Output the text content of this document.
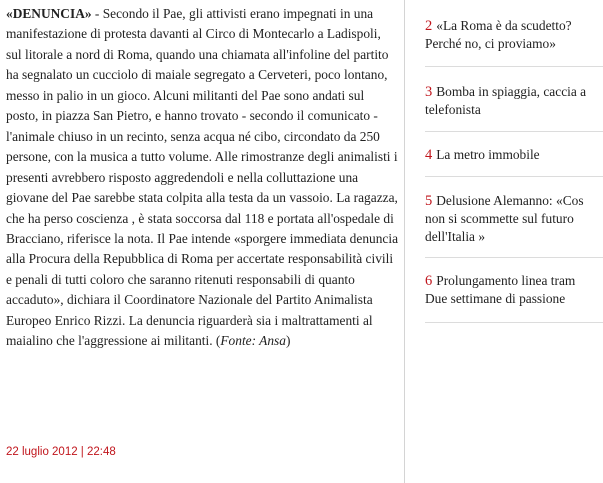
«DENUNCIA» - Secondo il Pae, gli attivisti erano impegnati in una manifestazione di protesta davanti al Circo di Montecarlo a Ladispoli, sul litorale a nord di Roma, quando una chiamata all'infoline del partito ha segnalato un cucciolo di maiale segregato a Cerveteri, poco lontano, messo in palio in un gioco. Alcuni militanti del Pae sono andati sul posto, in piazza San Pietro, e hanno trovato - secondo il comunicato - l'animale chiuso in un recinto, senza acqua né cibo, circondato da 250 persone, con la musica a tutto volume. Alle rimostranze degli animalisti i presenti avrebbero risposto aggredendoli e nella colluttazione una giovane del Pae sarebbe stata colpita alla testa da un vassoio. La ragazza, che ha perso coscienza , è stata soccorsa dal 118 e portata all'ospedale di Bracciano, riferisce la nota. Il Pae intende «sporgere immediata denuncia alla Procura della Repubblica di Roma per accertate responsabilità civili e penali di tutti coloro che saranno ritenuti responsabili di quanto accaduto», dichiara il Coordinatore Nazionale del Partito Animalista Europeo Enrico Rizzi. La denuncia riguarderà sia i maltrattamenti al maialino che l'aggressione ai militanti. (Fonte: Ansa)

22 luglio 2012 | 22:48
2 «La Roma è da scudetto?
Perché no, ci proviamo»
3 Bomba in spiaggia, caccia a
telefonista
4 La metro immobile
5 Delusione Alemanno: «Cos
non si scommette sul futuro
dell'Italia »
6 Prolungamento linea tram
Due settimane di passione
